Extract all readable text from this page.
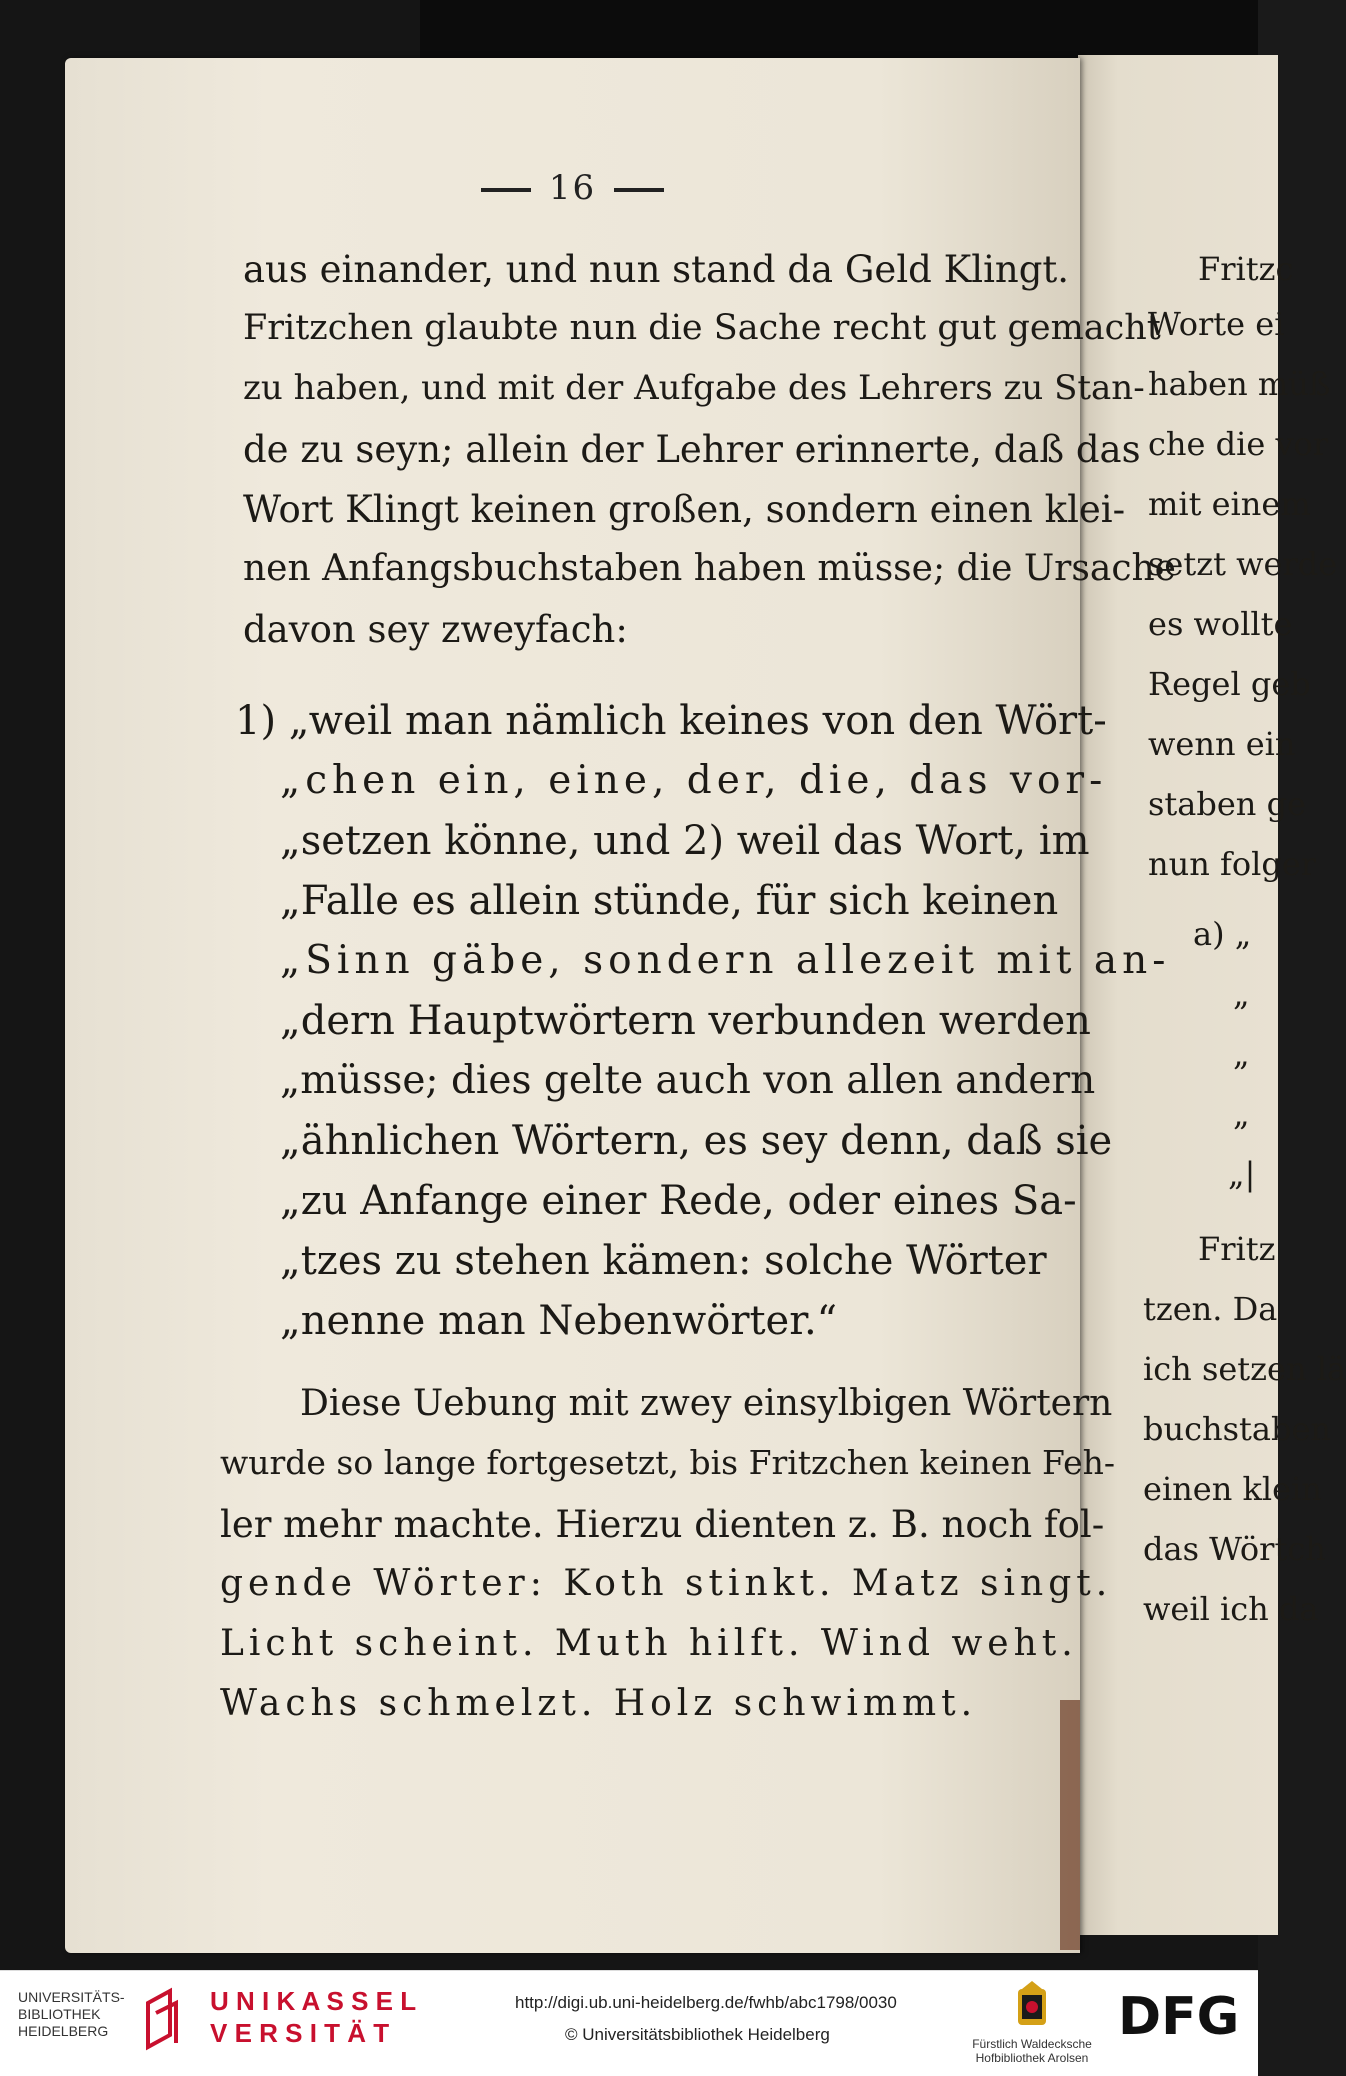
Fritzc
Worte ei
haben müß
che die vor
mit einem
setzt werde
es wollte
Regel geb
wenn ein
staben ge
nun folger
a) „
„
„
„
„|
Fritz
tzen. Da
ich setzen lä
buchstaben
einen klein
das Wörtch
weil ich da
16
aus einander, und nun stand da Geld Klingt.
Fritzchen glaubte nun die Sache recht gut gemacht
zu haben, und mit der Aufgabe des Lehrers zu Stan-
de zu seyn; allein der Lehrer erinnerte, daß das
Wort Klingt keinen großen, sondern einen klei-
nen Anfangsbuchstaben haben müsse; die Ursache
davon sey zweyfach:
1) „weil man nämlich keines von den Wört-
„chen ein, eine, der, die, das vor-
„setzen könne, und 2) weil das Wort, im
„Falle es allein stünde, für sich keinen
„Sinn gäbe, sondern allezeit mit an-
„dern Hauptwörtern verbunden werden
„müsse; dies gelte auch von allen andern
„ähnlichen Wörtern, es sey denn, daß sie
„zu Anfange einer Rede, oder eines Sa-
„tzes zu stehen kämen: solche Wörter
„nenne man Nebenwörter.“
Diese Uebung mit zwey einsylbigen Wörtern
wurde so lange fortgesetzt, bis Fritzchen keinen Feh-
ler mehr machte. Hierzu dienten z. B. noch fol-
gende Wörter: Koth stinkt. Matz singt.
Licht scheint. Muth hilft. Wind weht.
Wachs schmelzt. Holz schwimmt.
UNIVERSITÄTS-
BIBLIOTHEK
HEIDELBERG
U N I K A S S E L
V E R S I T Ä T
http://digi.ub.uni-heidelberg.de/fwhb/abc1798/0030
© Universitätsbibliothek Heidelberg	Fürstlich Waldecksche
Hofbibliothek Arolsen
DFG
